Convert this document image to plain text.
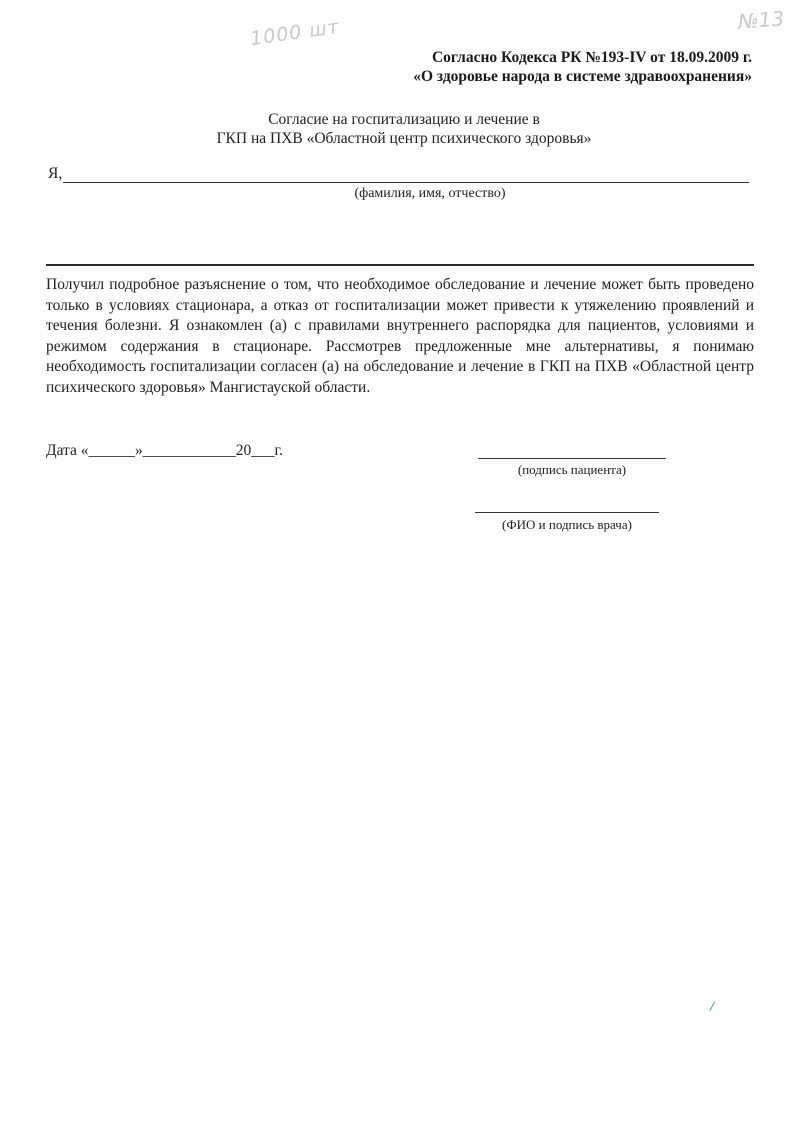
1000 шт	№13
Согласно Кодекса РК №193-IV от 18.09.2009 г.
«О здоровье народа в системе здравоохранения»
Согласие на госпитализацию и лечение в
ГКП на ПХВ «Областной центр психического здоровья»
Я,
(фамилия, имя, отчество)
Получил подробное разъяснение о том, что необходимое обследование и лечение может быть проведено только в условиях стационара, а отказ от госпитализации может привести к утяжелению проявлений и течения болезни. Я ознакомлен (а) с правилами внутреннего распорядка для пациентов, условиями и режимом содержания в стационаре. Рассмотрев предложенные мне альтернативы, я понимаю необходимость госпитализации согласен (а) на обследование и лечение в ГКП на ПХВ «Областной центр психического здоровья» Мангистауской области.
Дата «______»____________20___г.
(подпись пациента)
(ФИО и подпись врача)
